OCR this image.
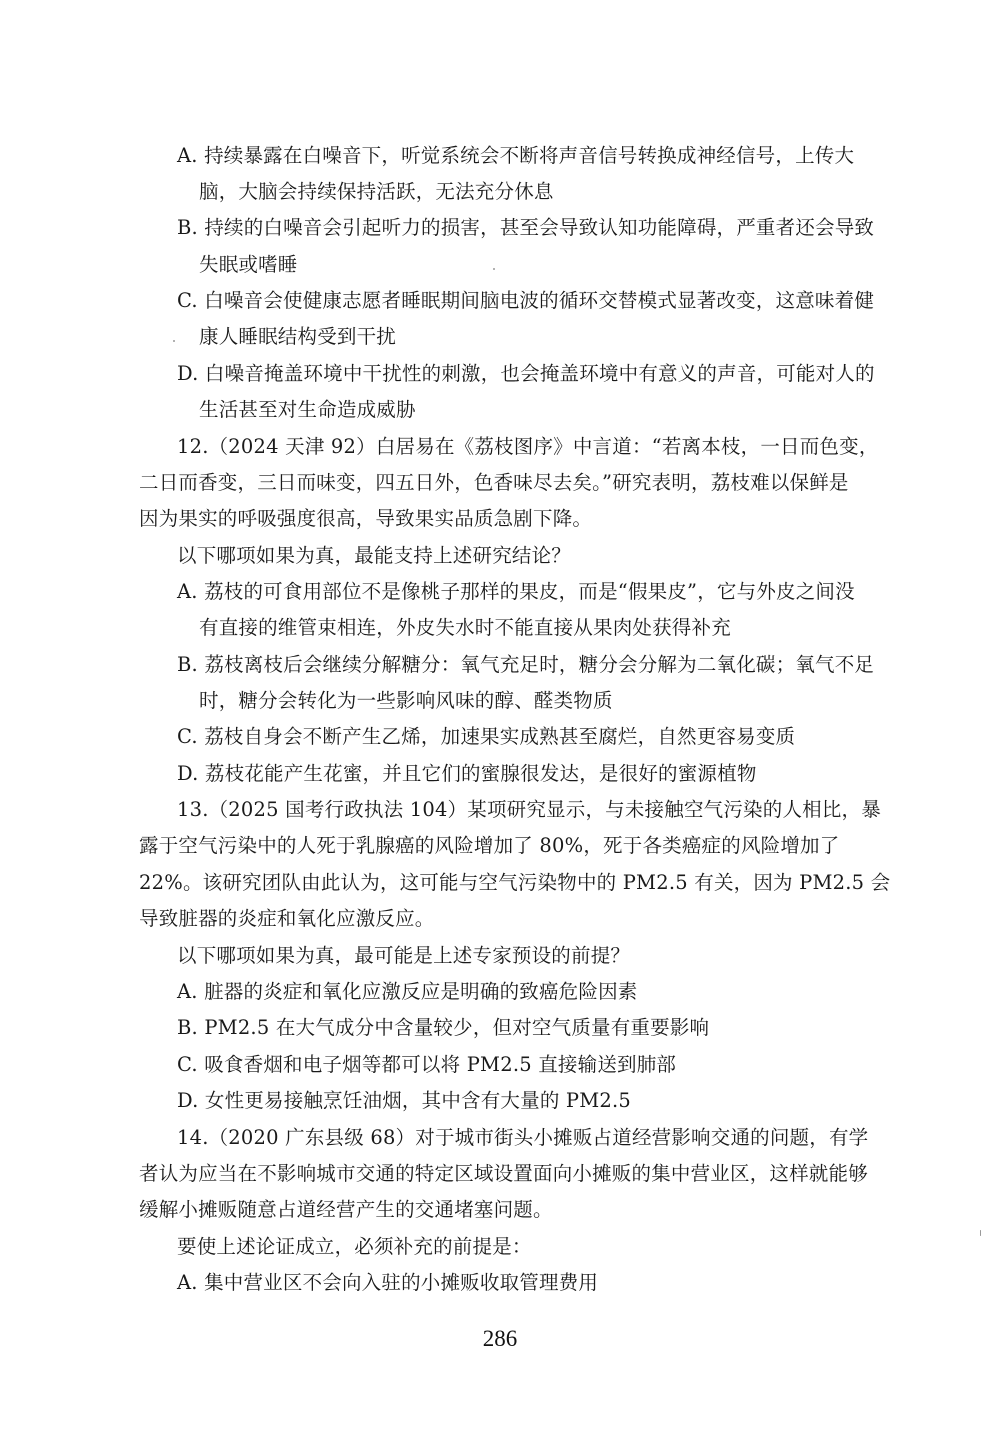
A. 持续暴露在白噪音下，听觉系统会不断将声音信号转换成神经信号，上传大
脑，大脑会持续保持活跃，无法充分休息
B. 持续的白噪音会引起听力的损害，甚至会导致认知功能障碍，严重者还会导致
失眠或嗜睡
C. 白噪音会使健康志愿者睡眠期间脑电波的循环交替模式显著改变，这意味着健
康人睡眠结构受到干扰
D. 白噪音掩盖环境中干扰性的刺激，也会掩盖环境中有意义的声音，可能对人的
生活甚至对生命造成威胁
12.（2024 天津 92）白居易在《荔枝图序》中言道：“若离本枝，一日而色变，
二日而香变，三日而味变，四五日外，色香味尽去矣。”研究表明，荔枝难以保鲜是
因为果实的呼吸强度很高，导致果实品质急剧下降。
以下哪项如果为真，最能支持上述研究结论？
A. 荔枝的可食用部位不是像桃子那样的果皮，而是“假果皮”，它与外皮之间没
有直接的维管束相连，外皮失水时不能直接从果肉处获得补充
B. 荔枝离枝后会继续分解糖分：氧气充足时，糖分会分解为二氧化碳；氧气不足
时，糖分会转化为一些影响风味的醇、醛类物质
C. 荔枝自身会不断产生乙烯，加速果实成熟甚至腐烂，自然更容易变质
D. 荔枝花能产生花蜜，并且它们的蜜腺很发达，是很好的蜜源植物
13.（2025 国考行政执法 104）某项研究显示，与未接触空气污染的人相比，暴
露于空气污染中的人死于乳腺癌的风险增加了 80%，死于各类癌症的风险增加了
22%。该研究团队由此认为，这可能与空气污染物中的 PM2.5 有关，因为 PM2.5 会
导致脏器的炎症和氧化应激反应。
以下哪项如果为真，最可能是上述专家预设的前提？
A. 脏器的炎症和氧化应激反应是明确的致癌危险因素
B. PM2.5 在大气成分中含量较少，但对空气质量有重要影响
C. 吸食香烟和电子烟等都可以将 PM2.5 直接输送到肺部
D. 女性更易接触烹饪油烟，其中含有大量的 PM2.5
14.（2020 广东县级 68）对于城市街头小摊贩占道经营影响交通的问题，有学
者认为应当在不影响城市交通的特定区域设置面向小摊贩的集中营业区，这样就能够
缓解小摊贩随意占道经营产生的交通堵塞问题。
要使上述论证成立，必须补充的前提是：
A. 集中营业区不会向入驻的小摊贩收取管理费用
286
